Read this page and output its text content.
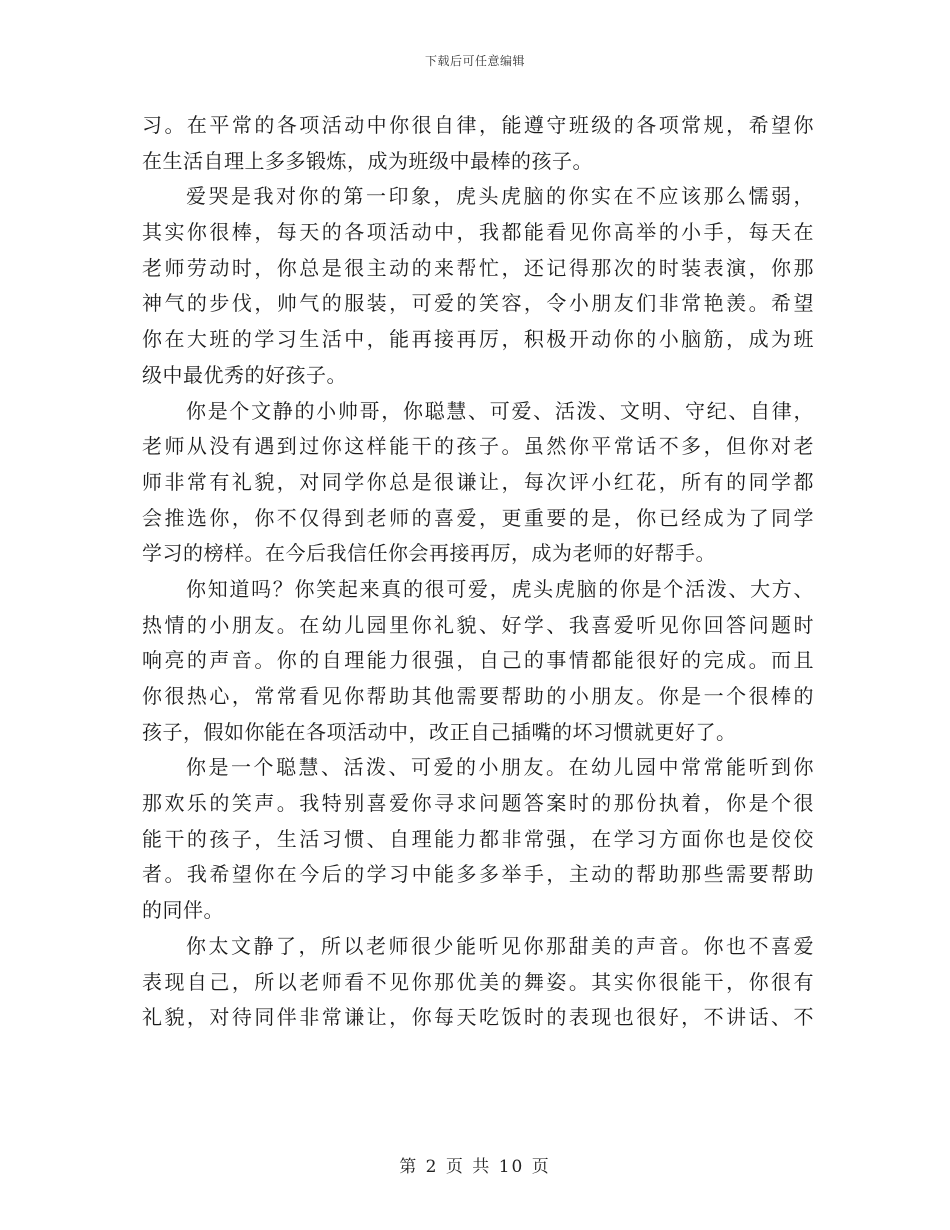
下载后可任意编辑
习。在平常的各项活动中你很自律，能遵守班级的各项常规，希望你
在生活自理上多多锻炼，成为班级中最棒的孩子。
爱哭是我对你的第一印象，虎头虎脑的你实在不应该那么懦弱，
其实你很棒，每天的各项活动中，我都能看见你高举的小手，每天在
老师劳动时，你总是很主动的来帮忙，还记得那次的时装表演，你那
神气的步伐，帅气的服装，可爱的笑容，令小朋友们非常艳羡。希望
你在大班的学习生活中，能再接再厉，积极开动你的小脑筋，成为班
级中最优秀的好孩子。
你是个文静的小帅哥，你聪慧、可爱、活泼、文明、守纪、自律，
老师从没有遇到过你这样能干的孩子。虽然你平常话不多，但你对老
师非常有礼貌，对同学你总是很谦让，每次评小红花，所有的同学都
会推选你，你不仅得到老师的喜爱，更重要的是，你已经成为了同学
学习的榜样。在今后我信任你会再接再厉，成为老师的好帮手。
你知道吗？你笑起来真的很可爱，虎头虎脑的你是个活泼、大方、
热情的小朋友。在幼儿园里你礼貌、好学、我喜爱听见你回答问题时
响亮的声音。你的自理能力很强，自己的事情都能很好的完成。而且
你很热心，常常看见你帮助其他需要帮助的小朋友。你是一个很棒的
孩子，假如你能在各项活动中，改正自己插嘴的坏习惯就更好了。
你是一个聪慧、活泼、可爱的小朋友。在幼儿园中常常能听到你
那欢乐的笑声。我特别喜爱你寻求问题答案时的那份执着，你是个很
能干的孩子，生活习惯、自理能力都非常强，在学习方面你也是佼佼
者。我希望你在今后的学习中能多多举手，主动的帮助那些需要帮助
的同伴。
你太文静了，所以老师很少能听见你那甜美的声音。你也不喜爱
表现自己，所以老师看不见你那优美的舞姿。其实你很能干，你很有
礼貌，对待同伴非常谦让，你每天吃饭时的表现也很好，不讲话、不
第 2 页 共 10 页
